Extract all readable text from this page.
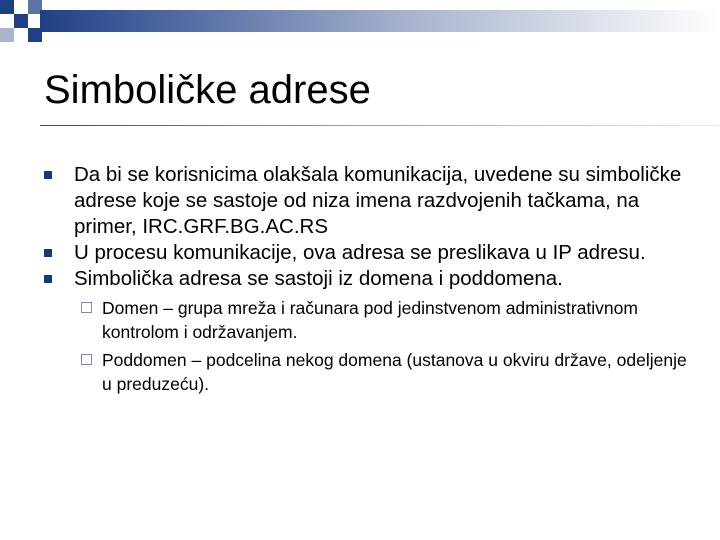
Simboličke adrese
Da bi se korisnicima olakšala komunikacija, uvedene su simboličke adrese koje se sastoje od niza imena razdvojenih tačkama, na primer, IRC.GRF.BG.AC.RS
U procesu komunikacije, ova adresa se preslikava u IP adresu.
Simbolička adresa se sastoji iz domena i poddomena.
Domen – grupa mreža i računara pod jedinstvenom administrativnom kontrolom i održavanjem.
Poddomen – podcelina nekog domena (ustanova u okviru države, odeljenje u preduzeću).
